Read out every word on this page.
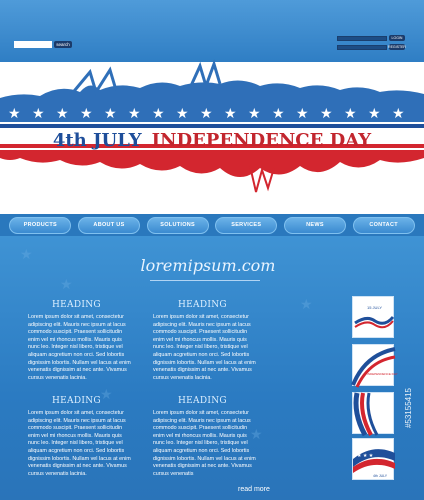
search
LOGIN
REGISTER
★ ★ ★ ★ ★ ★ ★ ★ ★ ★ ★ ★ ★ ★ ★ ★ ★
4th JULY INDEPENDENCE DAY
PRODUCTS	ABOUT US	SOLUTIONS	SERVICES	NEWS	CONTACT
★
★
★
★
★
loremipsum.com
HEADING
Lorem ipsum dolor sit amet, consectetur adipiscing elit. Mauris nec ipsum at lacus commodo suscipit. Praesent sollicitudin enim vel mi rhoncus mollis. Mauris quis nunc leo. Integer nisl libero, tristique vel aliquam acgretium non orci. Sed lobortis dignissim lobortis. Nullam vel lacus at enim venenatis dignissim at nec ante. Vivamus cursus venenatis lacinia.
HEADING
Lorem ipsum dolor sit amet, consectetur adipiscing elit. Mauris nec ipsum at lacus commodo suscipit. Praesent sollicitudin enim vel mi rhoncus mollis. Mauris quis nunc leo. Integer nisl libero, tristique vel aliquam acgretium non orci. Sed lobortis dignissim lobortis. Nullam vel lacus at enim venenatis dignissim at nec ante. Vivamus cursus venenatis lacinia.
HEADING
Lorem ipsum dolor sit amet, consectetur adipiscing elit. Mauris nec ipsum at lacus commodo suscipit. Praesent sollicitudin enim vel mi rhoncus mollis. Mauris quis nunc leo. Integer nisl libero, tristique vel aliquam acgretium non orci. Sed lobortis dignissim lobortis. Nullam vel lacus at enim venenatis dignissim at nec ante. Vivamus cursus venenatis lacinia.
HEADING
Lorem ipsum dolor sit amet, consectetur adipiscing elit. Mauris nec ipsum at lacus commodo suscipit. Praesent sollicitudin enim vel mi rhoncus mollis. Mauris quis nunc leo. Integer nisl libero, tristique vel aliquam acgretium non orci. Sed lobortis dignissim lobortis. Nullam vel lacus at enim venenatis dignissim at nec ante. Vivamus cursus venenatis
read more
15 JULY
INDEPENDENCE DAY
★ ★ ★
4th JULY
#53155415
